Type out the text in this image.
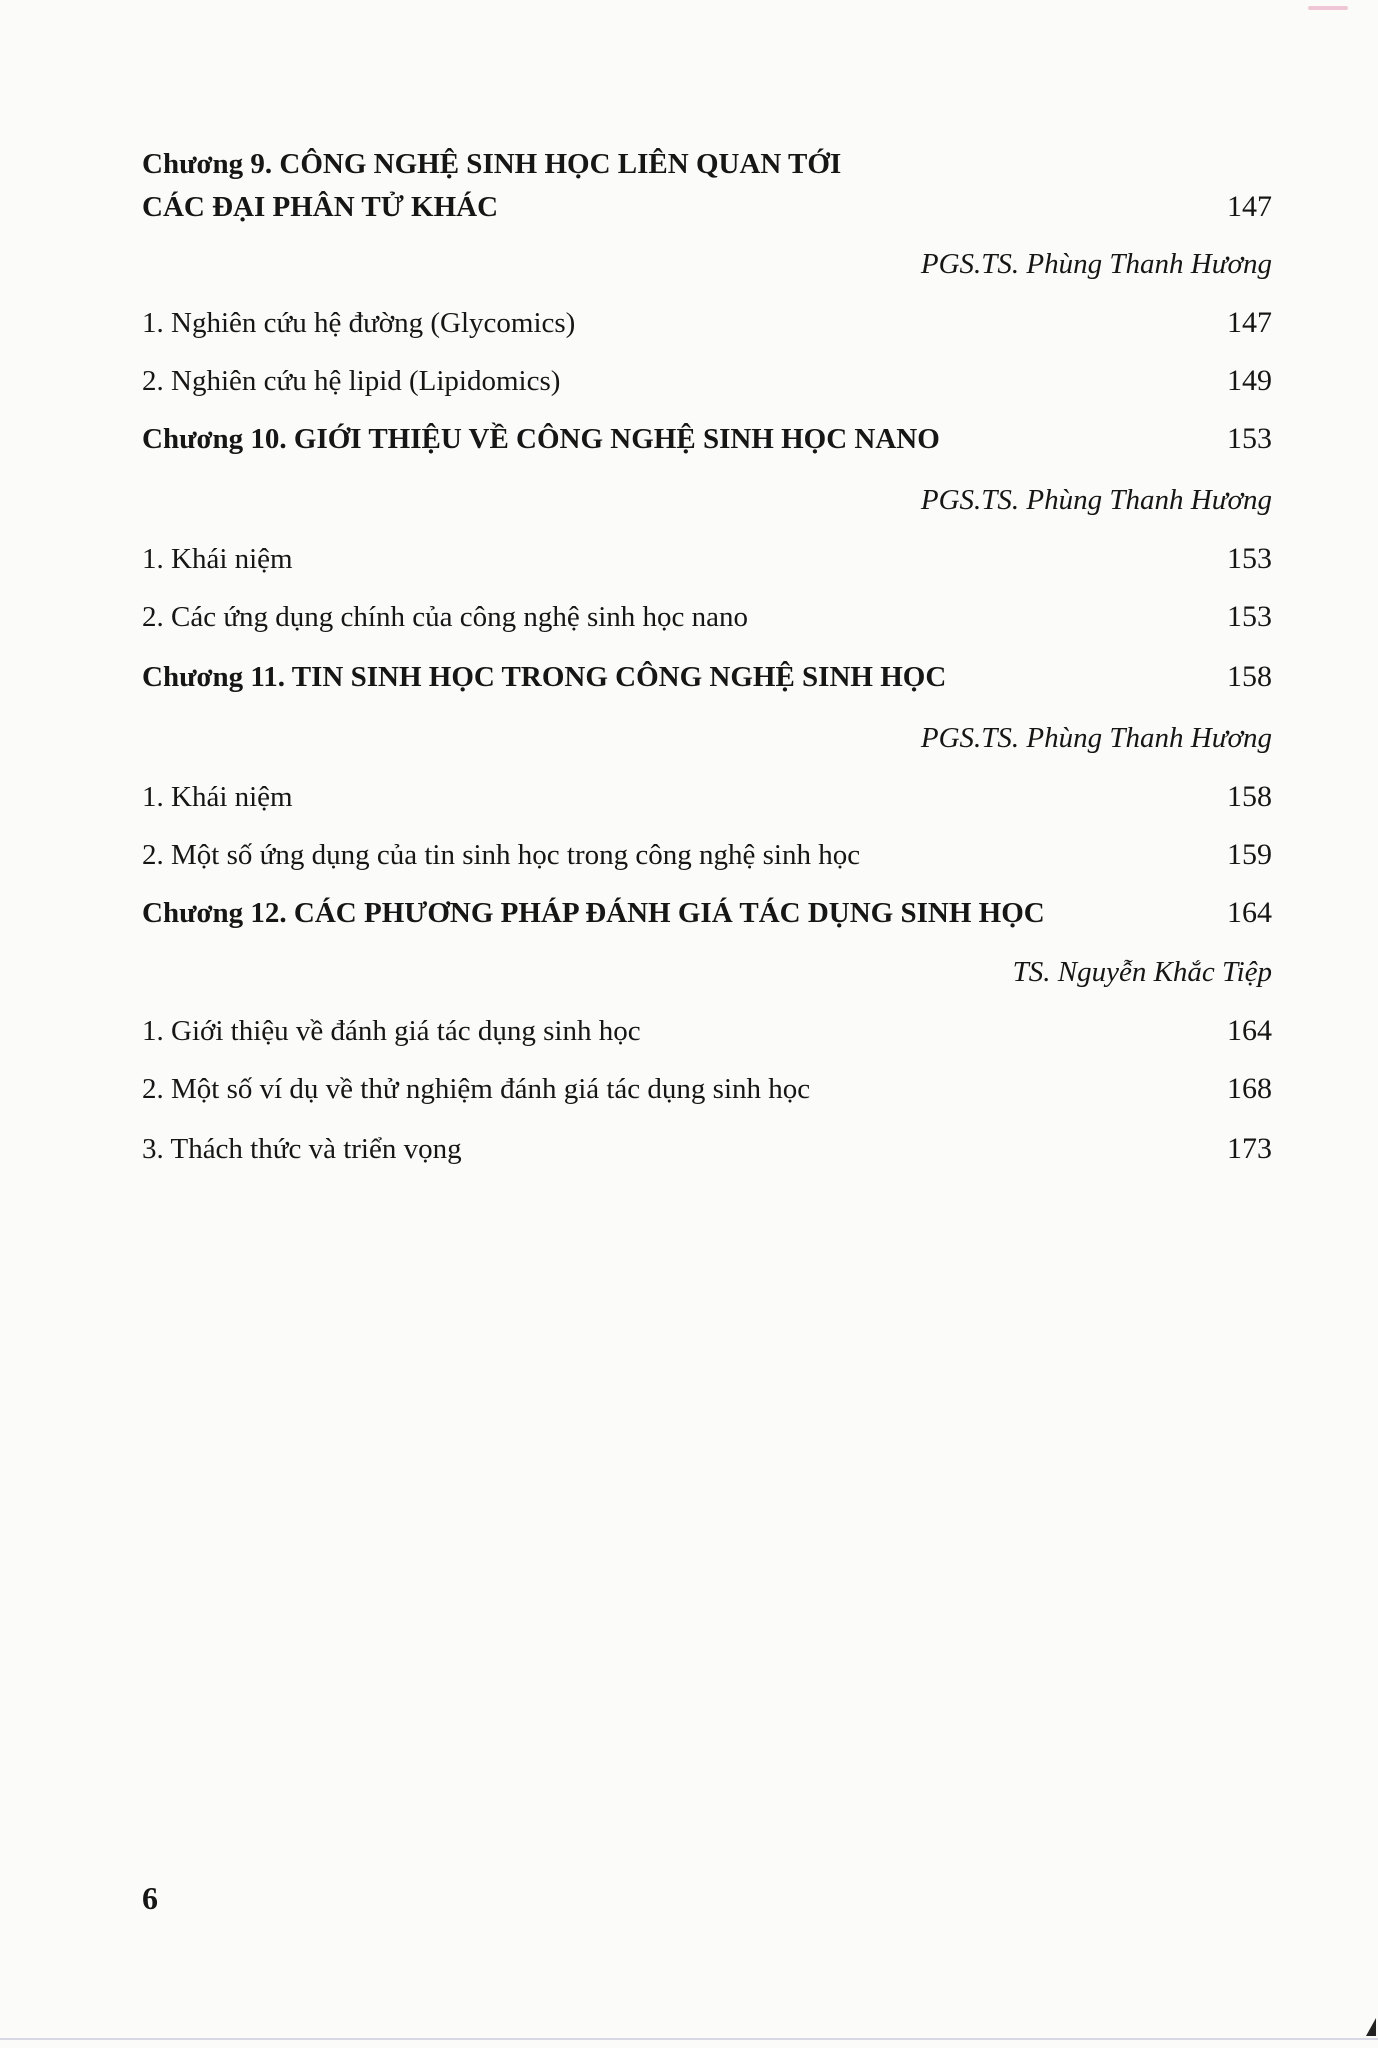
Chương 9. CÔNG NGHỆ SINH HỌC LIÊN QUAN TỚI
CÁC ĐẠI PHÂN TỬ KHÁC	147
PGS.TS. Phùng Thanh Hương
1. Nghiên cứu hệ đường (Glycomics)	147
2. Nghiên cứu hệ lipid (Lipidomics)	149
Chương 10. GIỚI THIỆU VỀ CÔNG NGHỆ SINH HỌC NANO	153
PGS.TS. Phùng Thanh Hương
1. Khái niệm	153
2. Các ứng dụng chính của công nghệ sinh học nano	153
Chương 11. TIN SINH HỌC TRONG CÔNG NGHỆ SINH HỌC	158
PGS.TS. Phùng Thanh Hương
1. Khái niệm	158
2. Một số ứng dụng của tin sinh học trong công nghệ sinh học	159
Chương 12. CÁC PHƯƠNG PHÁP ĐÁNH GIÁ TÁC DỤNG SINH HỌC	164
TS. Nguyễn Khắc Tiệp
1. Giới thiệu về đánh giá tác dụng sinh học	164
2. Một số ví dụ về thử nghiệm đánh giá tác dụng sinh học	168
3. Thách thức và triển vọng	173
6
